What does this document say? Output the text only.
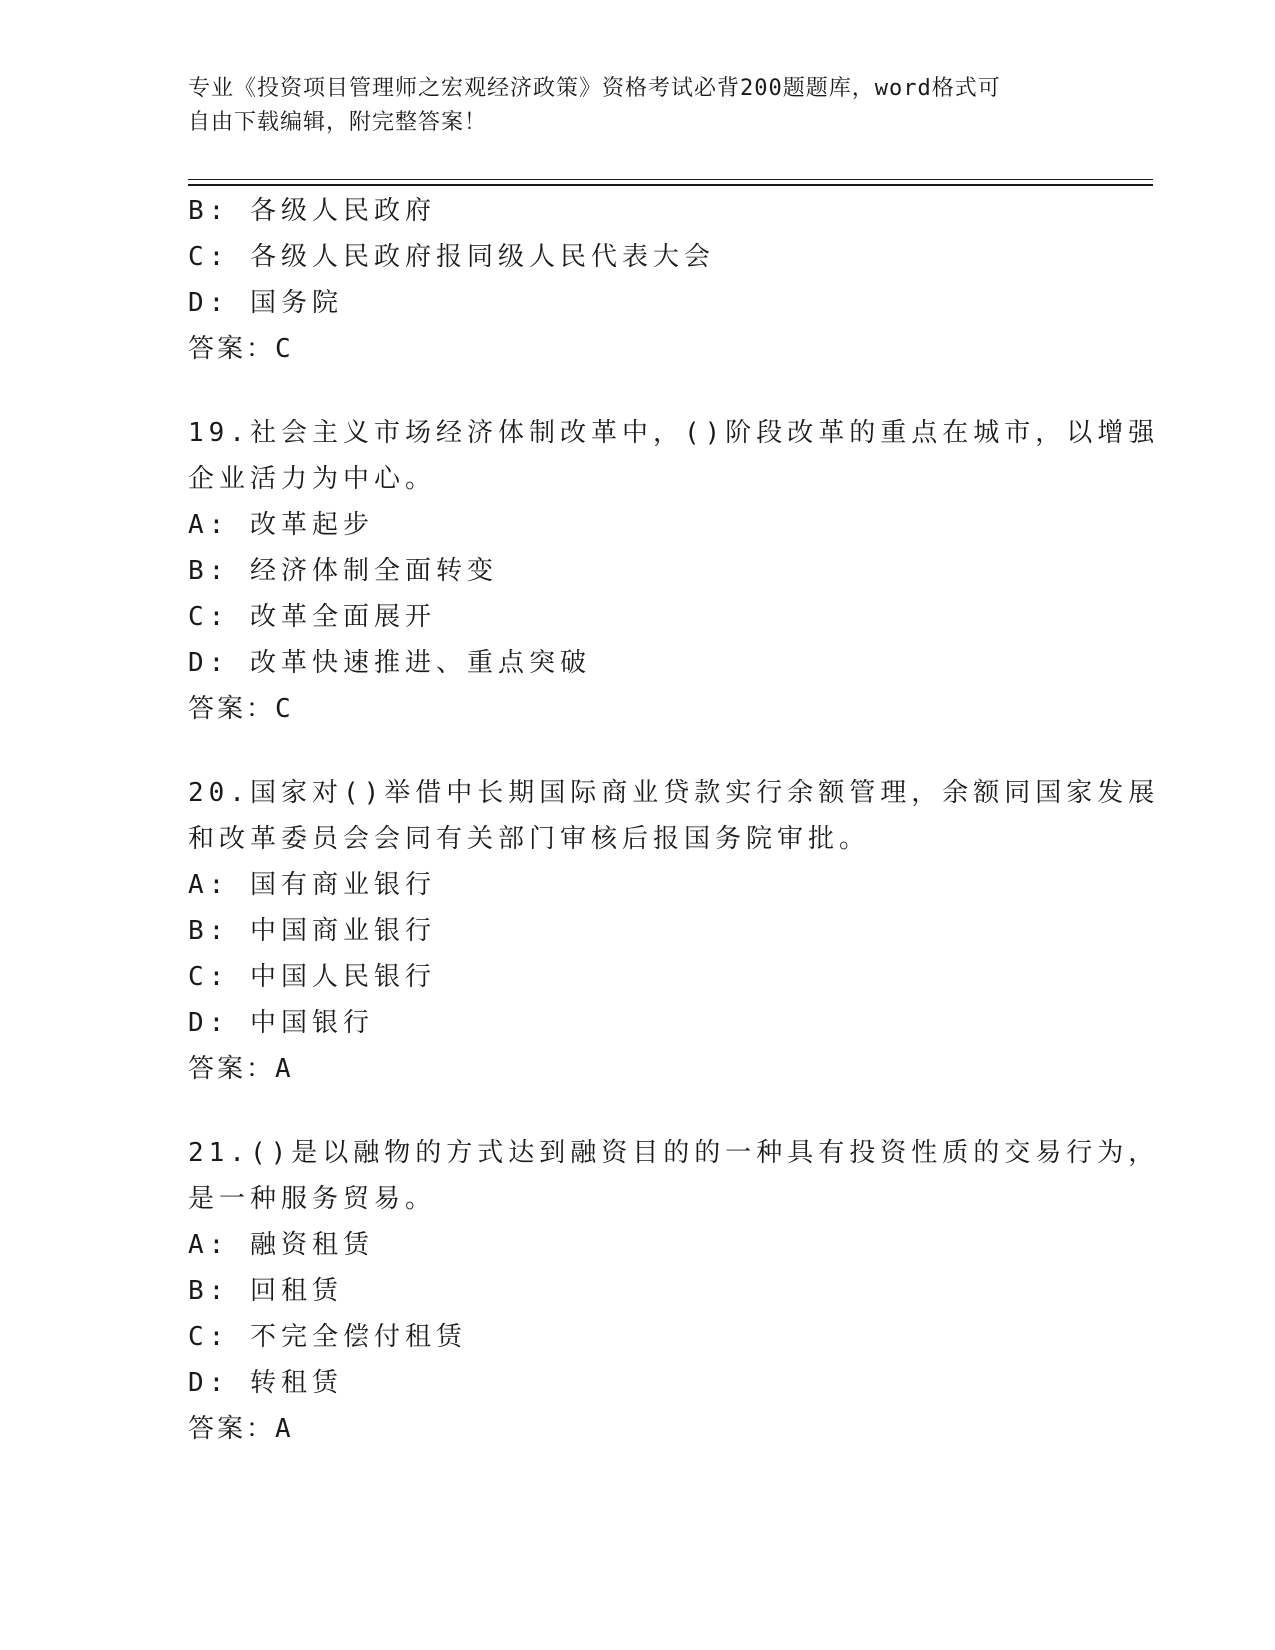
专业《投资项目管理师之宏观经济政策》资格考试必背200题题库，word格式可
自由下载编辑，附完整答案！
B: 各级人民政府
C: 各级人民政府报同级人民代表大会
D: 国务院
答案：C
19.社会主义市场经济体制改革中，()阶段改革的重点在城市，以增强
企业活力为中心。
A: 改革起步
B: 经济体制全面转变
C: 改革全面展开
D: 改革快速推进、重点突破
答案：C
20.国家对()举借中长期国际商业贷款实行余额管理，余额同国家发展
和改革委员会会同有关部门审核后报国务院审批。
A: 国有商业银行
B: 中国商业银行
C: 中国人民银行
D: 中国银行
答案：A
21.()是以融物的方式达到融资目的的一种具有投资性质的交易行为，
是一种服务贸易。
A: 融资租赁
B: 回租赁
C: 不完全偿付租赁
D: 转租赁
答案：A
